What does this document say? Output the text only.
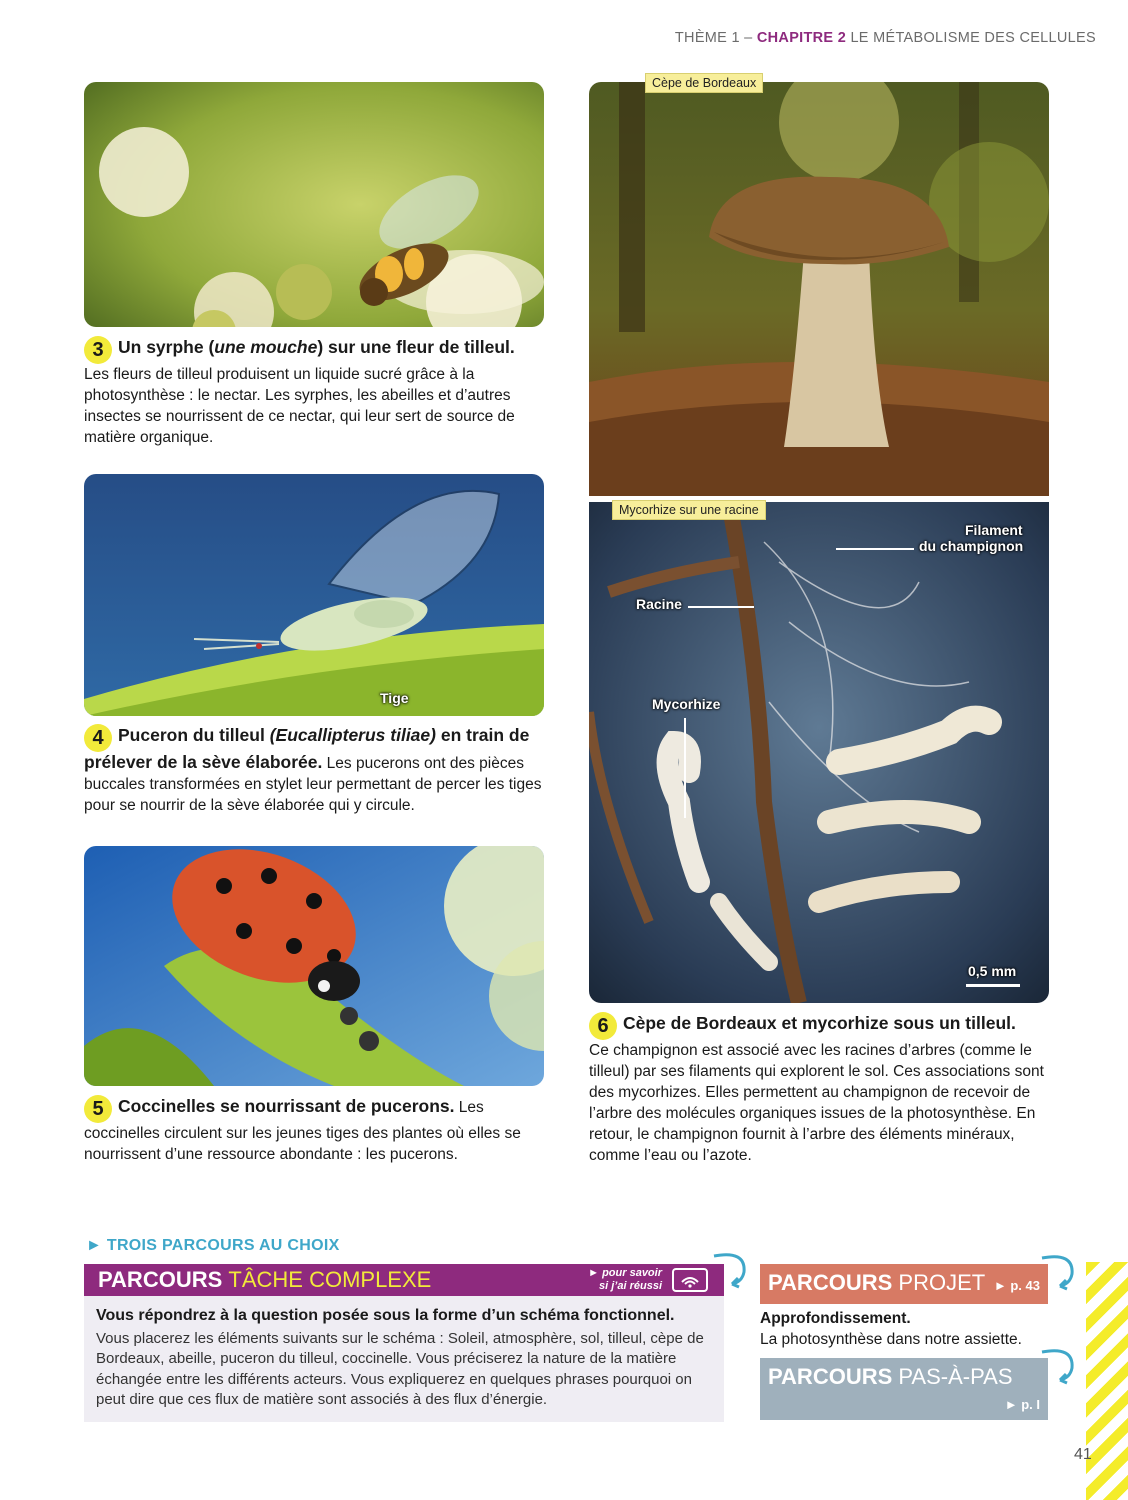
THÈME 1 – CHAPITRE 2 LE MÉTABOLISME DES CELLULES
3 Un syrphe (une mouche) sur une fleur de tilleul.
Les fleurs de tilleul produisent un liquide sucré grâce à la photosynthèse : le nectar. Les syrphes, les abeilles et d’autres insectes se nourrissent de ce nectar, qui leur sert de source de matière organique.
Tige
4 Puceron du tilleul (Eucallipterus tiliae) en train de prélever de la sève élaborée. Les pucerons ont des pièces buccales transformées en stylet leur permettant de percer les tiges pour se nourrir de la sève élaborée qui y circule.
5 Coccinelles se nourrissant de pucerons. Les coccinelles circulent sur les jeunes tiges des plantes où elles se nourrissent d’une ressource abondante : les pucerons.
Cèpe de Bordeaux
Mycorhize sur une racine
Filament
du champignon
Racine
Mycorhize
0,5 mm
6 Cèpe de Bordeaux et mycorhize sous un tilleul.
Ce champignon est associé avec les racines d’arbres (comme le tilleul) par ses filaments qui explorent le sol. Ces associations sont des mycorhizes. Elles permettent au champignon de recevoir de l’arbre des molécules organiques issues de la photosynthèse. En retour, le champignon fournit à l’arbre des éléments minéraux, comme l’eau ou l’azote.
► TROIS PARCOURS AU CHOIX
PARCOURS TÂCHE COMPLEXE	► pour savoir
si j’ai réussi
Vous répondrez à la question posée sous la forme d’un schéma fonctionnel.
Vous placerez les éléments suivants sur le schéma : Soleil, atmosphère, sol, tilleul, cèpe de Bordeaux, abeille, puceron du tilleul, coccinelle. Vous préciserez la nature de la matière échangée entre les différents acteurs. Vous expliquerez en quelques phrases pourquoi on peut dire que ces flux de matière sont associés à des flux d’énergie.
PARCOURS PROJET ► p. 43
Approfondissement.
La photosynthèse dans notre assiette.
PARCOURS PAS-À-PAS
► p. I
41
